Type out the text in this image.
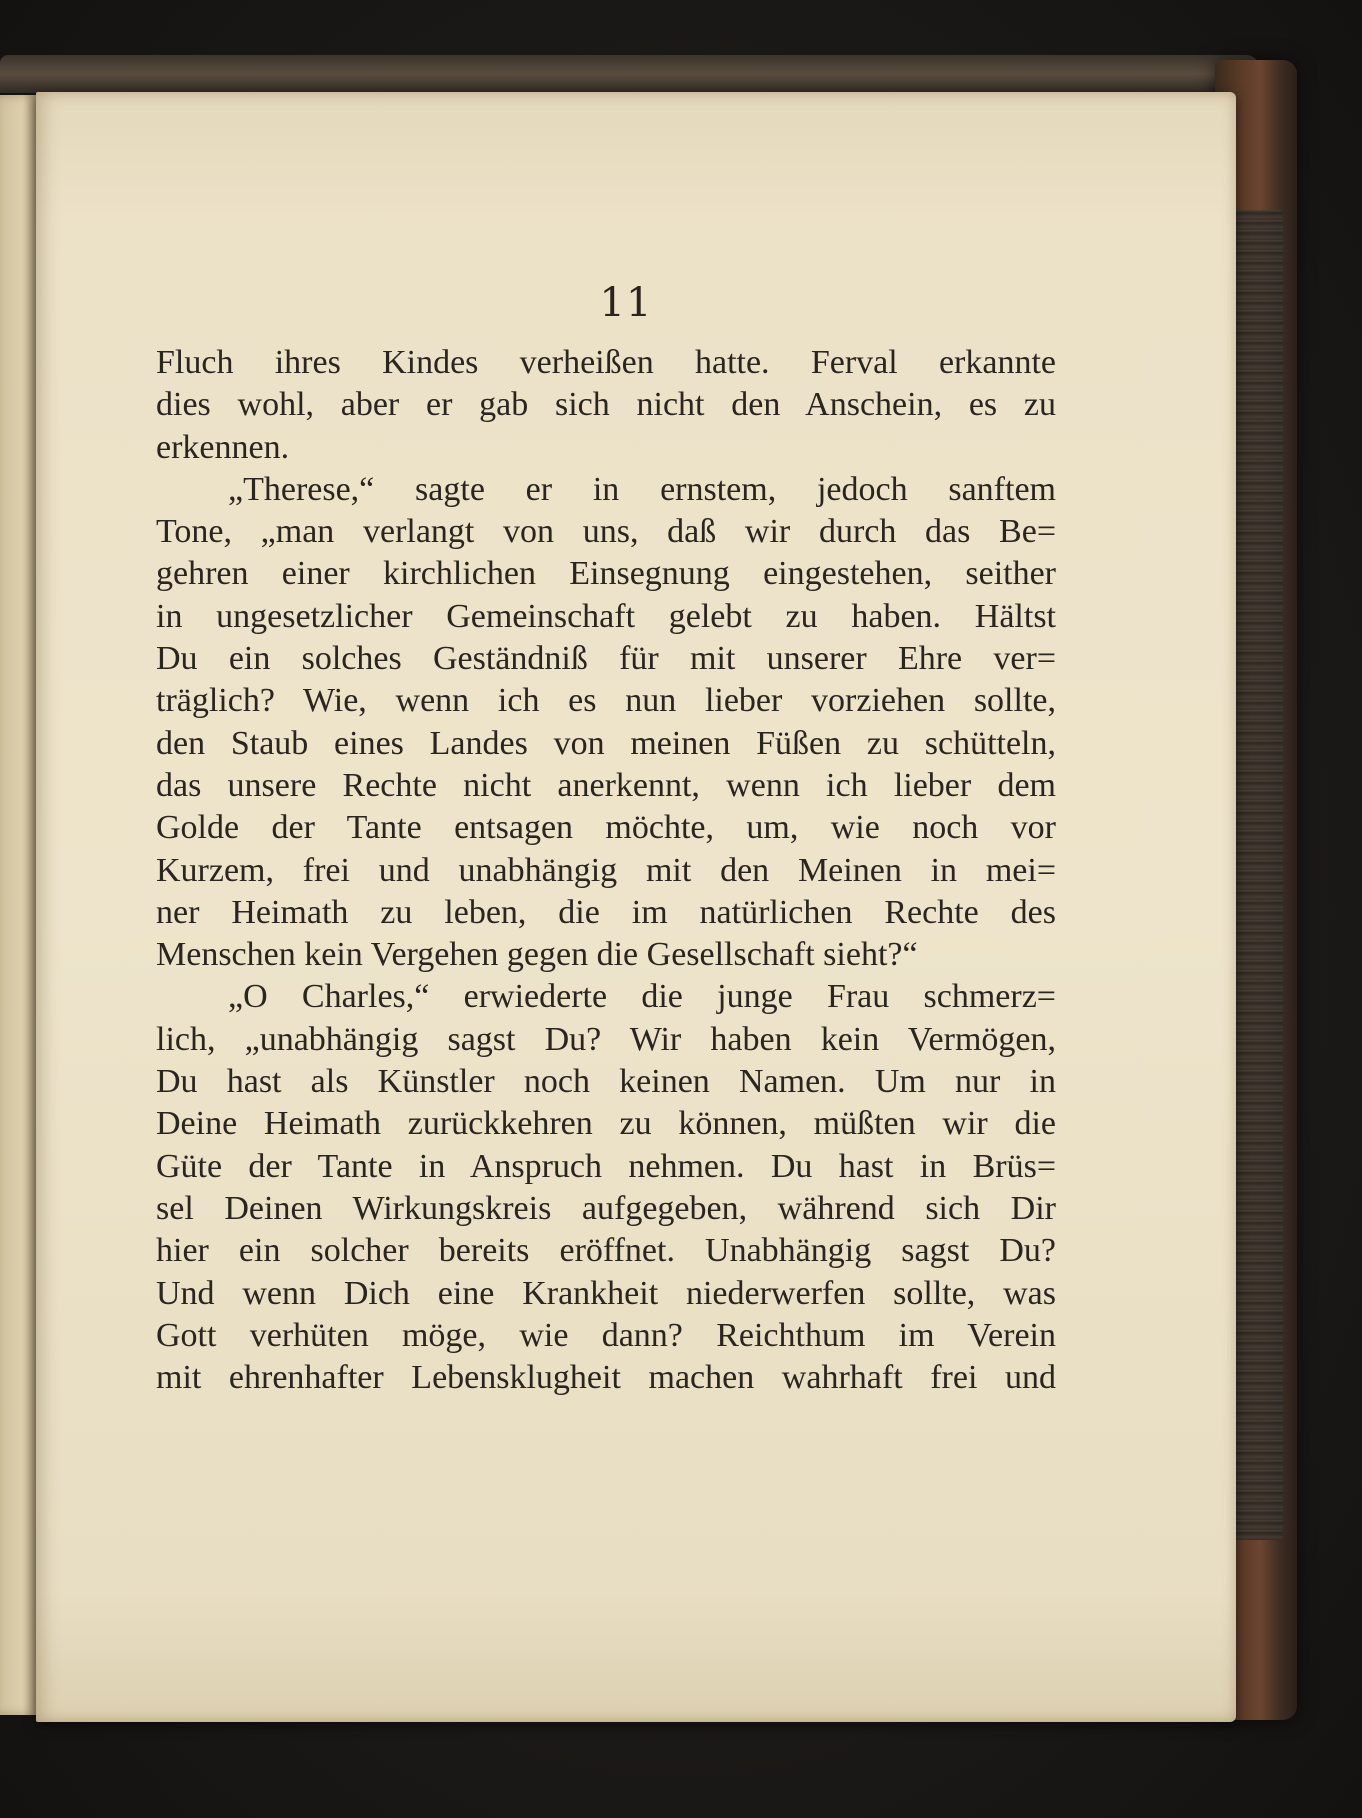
11
Fluch ihres Kindes verheißen hatte. Ferval erkannte
dies wohl, aber er gab sich nicht den Anschein, es zu
erkennen.
„Therese,“ sagte er in ernstem, jedoch sanftem
Tone, „man verlangt von uns, daß wir durch das Be=
gehren einer kirchlichen Einsegnung eingestehen, seither
in ungesetzlicher Gemeinschaft gelebt zu haben. Hältst
Du ein solches Geständniß für mit unserer Ehre ver=
träglich? Wie, wenn ich es nun lieber vorziehen sollte,
den Staub eines Landes von meinen Füßen zu schütteln,
das unsere Rechte nicht anerkennt, wenn ich lieber dem
Golde der Tante entsagen möchte, um, wie noch vor
Kurzem, frei und unabhängig mit den Meinen in mei=
ner Heimath zu leben, die im natürlichen Rechte des
Menschen kein Vergehen gegen die Gesellschaft sieht?“
„O Charles,“ erwiederte die junge Frau schmerz=
lich, „unabhängig sagst Du? Wir haben kein Vermögen,
Du hast als Künstler noch keinen Namen. Um nur in
Deine Heimath zurückkehren zu können, müßten wir die
Güte der Tante in Anspruch nehmen. Du hast in Brüs=
sel Deinen Wirkungskreis aufgegeben, während sich Dir
hier ein solcher bereits eröffnet. Unabhängig sagst Du?
Und wenn Dich eine Krankheit niederwerfen sollte, was
Gott verhüten möge, wie dann? Reichthum im Verein
mit ehrenhafter Lebensklugheit machen wahrhaft frei und
